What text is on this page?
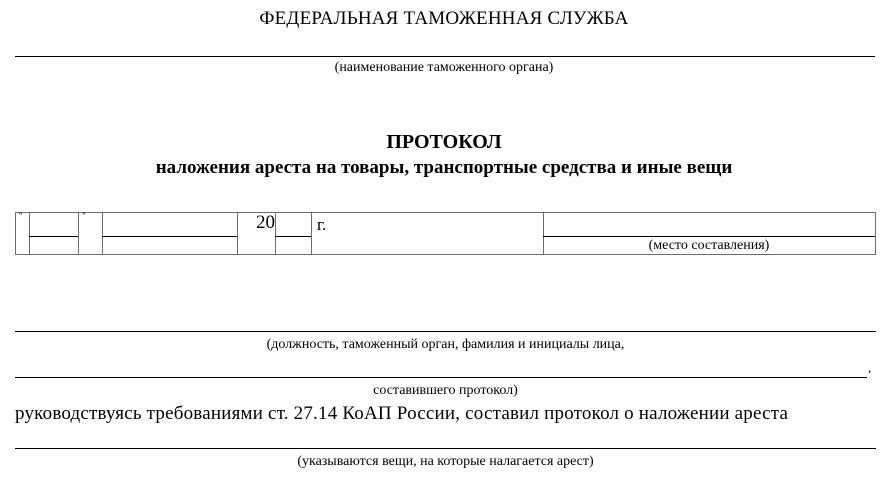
ФЕДЕРАЛЬНАЯ ТАМОЖЕННАЯ СЛУЖБА
(наименование таможенного органа)
ПРОТОКОЛ
наложения ареста на товары, транспортные средства и иные вещи
“	”	20 г.
(место составления)
(должность, таможенный орган, фамилия и инициалы лица,
,
составившего протокол)
руководствуясь требованиями ст. 27.14 КоАП России, составил протокол о наложении ареста
(указываются вещи, на которые налагается арест)
